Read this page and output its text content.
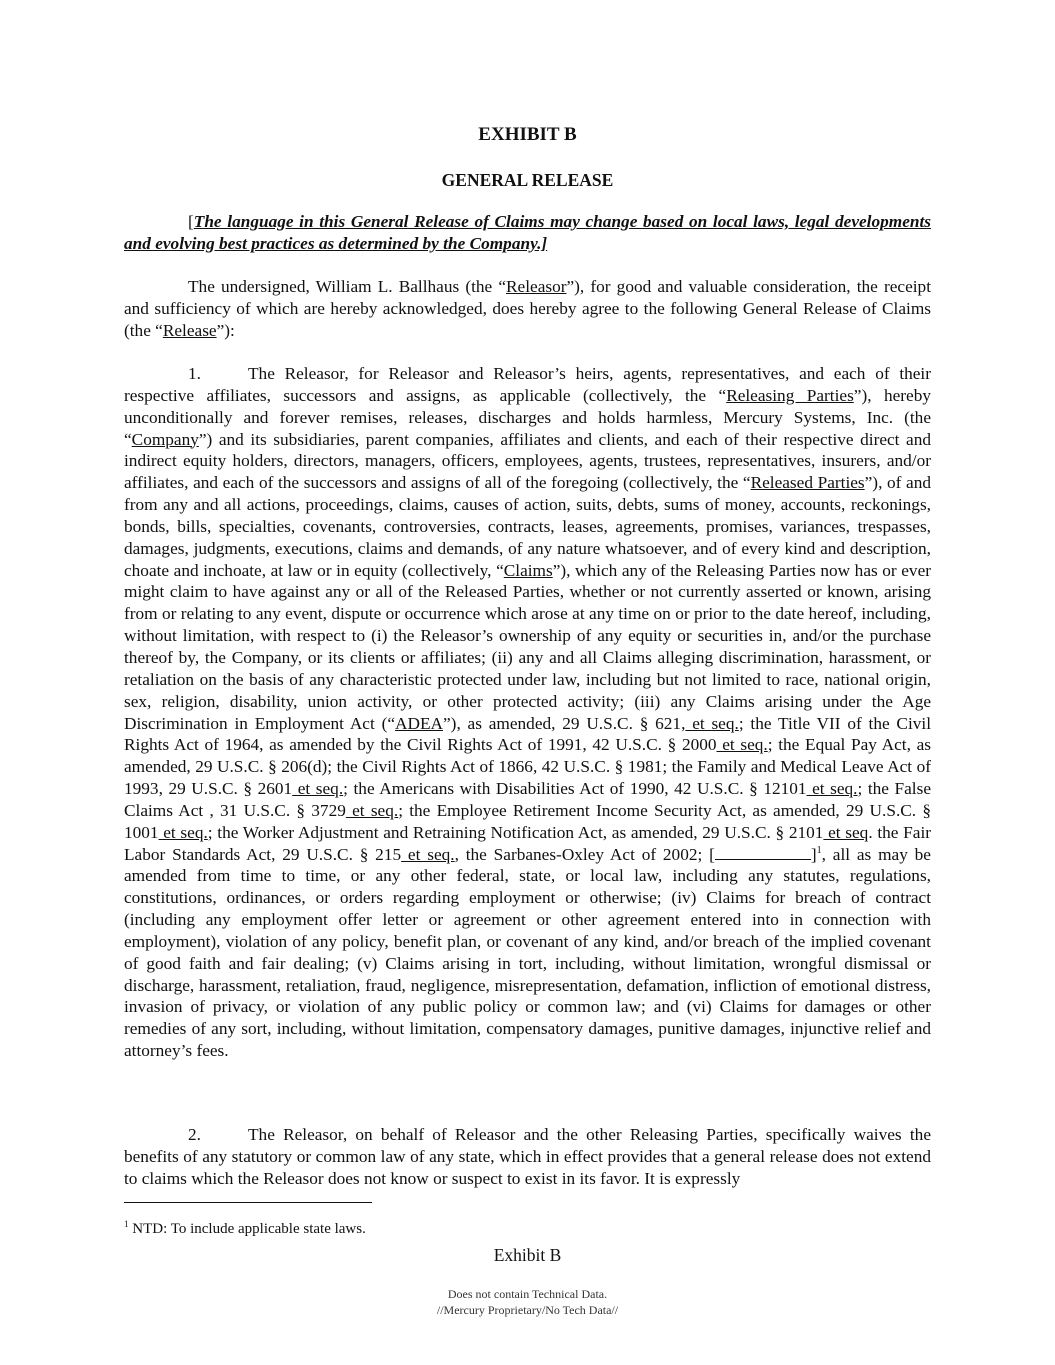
EXHIBIT B

GENERAL RELEASE

[The language in this General Release of Claims may change based on local laws, legal developments and evolving best practices as determined by the Company.]

The undersigned, William L. Ballhaus (the “Releasor”), for good and valuable consideration, the receipt and sufficiency of which are hereby acknowledged, does hereby agree to the following General Release of Claims (the “Release”):

1.	The Releasor, for Releasor and Releasor’s heirs, agents, representatives, and each of their respective affiliates, successors and assigns, as applicable (collectively, the “Releasing Parties”), hereby unconditionally and forever remises, releases, discharges and holds harmless, Mercury Systems, Inc. (the “Company”) and its subsidiaries, parent companies, affiliates and clients, and each of their respective direct and indirect equity holders, directors, managers, officers, employees, agents, trustees, representatives, insurers, and/or affiliates, and each of the successors and assigns of all of the foregoing (collectively, the “Released Parties”), of and from any and all actions, proceedings, claims, causes of action, suits, debts, sums of money, accounts, reckonings, bonds, bills, specialties, covenants, controversies, contracts, leases, agreements, promises, variances, trespasses, damages, judgments, executions, claims and demands, of any nature whatsoever, and of every kind and description, choate and inchoate, at law or in equity (collectively, “Claims”), which any of the Releasing Parties now has or ever might claim to have against any or all of the Released Parties, whether or not currently asserted or known, arising from or relating to any event, dispute or occurrence which arose at any time on or prior to the date hereof, including, without limitation, with respect to (i) the Releasor’s ownership of any equity or securities in, and/or the purchase thereof by, the Company, or its clients or affiliates; (ii) any and all Claims alleging discrimination, harassment, or retaliation on the basis of any characteristic protected under law, including but not limited to race, national origin, sex, religion, disability, union activity, or other protected activity; (iii) any Claims arising under the Age Discrimination in Employment Act (“ADEA”), as amended, 29 U.S.C. § 621, et seq.; the Title VII of the Civil Rights Act of 1964, as amended by the Civil Rights Act of 1991, 42 U.S.C. § 2000 et seq.; the Equal Pay Act, as amended, 29 U.S.C. § 206(d); the Civil Rights Act of 1866, 42 U.S.C. § 1981; the Family and Medical Leave Act of 1993, 29 U.S.C. § 2601 et seq.; the Americans with Disabilities Act of 1990, 42 U.S.C. § 12101 et seq.; the False Claims Act , 31 U.S.C. § 3729 et seq.; the Employee Retirement Income Security Act, as amended, 29 U.S.C. § 1001 et seq.; the Worker Adjustment and Retraining Notification Act, as amended, 29 U.S.C. § 2101 et seq. the Fair Labor Standards Act, 29 U.S.C. § 215 et seq., the Sarbanes-Oxley Act of 2002; [	]$^1$, all as may be amended from time to time, or any other federal, state, or local law, including any statutes, regulations, constitutions, ordinances, or orders regarding employment or otherwise; (iv) Claims for breach of contract (including any employment offer letter or agreement or other agreement entered into in connection with employment), violation of any policy, benefit plan, or covenant of any kind, and/or breach of the implied covenant of good faith and fair dealing; (v) Claims arising in tort, including, without limitation, wrongful dismissal or discharge, harassment, retaliation, fraud, negligence, misrepresentation, defamation, infliction of emotional distress, invasion of privacy, or violation of any public policy or common law; and (vi) Claims for damages or other remedies of any sort, including, without limitation, compensatory damages, punitive damages, injunctive relief and attorney’s fees.

2.	The Releasor, on behalf of Releasor and the other Releasing Parties, specifically waives the benefits of any statutory or common law of any state, which in effect provides that a general release does not extend to claims which the Releasor does not know or suspect to exist in its favor. It is expressly

$^1$ NTD: To include applicable state laws.

Exhibit B

Does not contain Technical Data.

//Mercury Proprietary/No Tech Data//
